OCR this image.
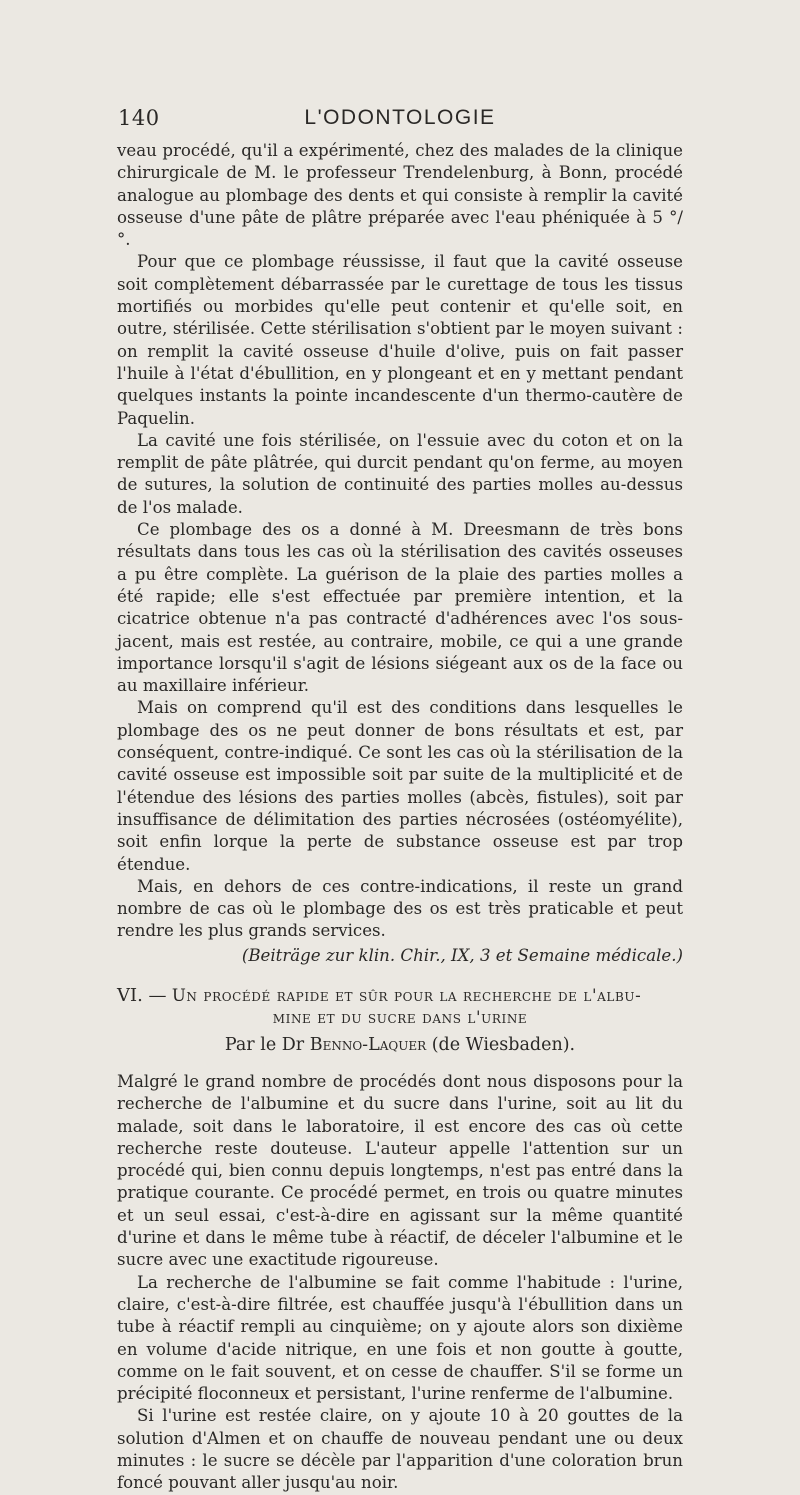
140	L'ODONTOLOGIE

veau procédé, qu'il a expérimenté, chez des malades de la clinique chirurgicale de M. le professeur Trendelenburg, à Bonn, procédé analogue au plombage des dents et qui consiste à remplir la cavité osseuse d'une pâte de plâtre préparée avec l'eau phéniquée à 5 °/°.

Pour que ce plombage réussisse, il faut que la cavité osseuse soit complètement débarrassée par le curettage de tous les tissus mortifiés ou morbides qu'elle peut contenir et qu'elle soit, en outre, stérilisée. Cette stérilisation s'obtient par le moyen suivant : on remplit la cavité osseuse d'huile d'olive, puis on fait passer l'huile à l'état d'ébullition, en y plongeant et en y mettant pendant quelques instants la pointe incandescente d'un thermo-cautère de Paquelin.

La cavité une fois stérilisée, on l'essuie avec du coton et on la remplit de pâte plâtrée, qui durcit pendant qu'on ferme, au moyen de sutures, la solution de continuité des parties molles au-dessus de l'os malade.

Ce plombage des os a donné à M. Dreesmann de très bons résultats dans tous les cas où la stérilisation des cavités osseuses a pu être complète. La guérison de la plaie des parties molles a été rapide; elle s'est effectuée par première intention, et la cicatrice obtenue n'a pas contracté d'adhérences avec l'os sous-jacent, mais est restée, au contraire, mobile, ce qui a une grande importance lorsqu'il s'agit de lésions siégeant aux os de la face ou au maxillaire inférieur.

Mais on comprend qu'il est des conditions dans lesquelles le plombage des os ne peut donner de bons résultats et est, par conséquent, contre-indiqué. Ce sont les cas où la stérilisation de la cavité osseuse est impossible soit par suite de la multiplicité et de l'étendue des lésions des parties molles (abcès, fistules), soit par insuffisance de délimitation des parties nécrosées (ostéomyélite), soit enfin lorque la perte de substance osseuse est par trop étendue.

Mais, en dehors de ces contre-indications, il reste un grand nombre de cas où le plombage des os est très praticable et peut rendre les plus grands services.

(Beiträge zur klin. Chir., IX, 3 et Semaine médicale.)
VI. — Un procédé rapide et sûr pour la recherche de l'albu-
mine et du sucre dans l'urine
Par le Dr Benno-Laquer (de Wiesbaden).

Malgré le grand nombre de procédés dont nous disposons pour la recherche de l'albumine et du sucre dans l'urine, soit au lit du malade, soit dans le laboratoire, il est encore des cas où cette recherche reste douteuse. L'auteur appelle l'attention sur un procédé qui, bien connu depuis longtemps, n'est pas entré dans la pratique courante. Ce procédé permet, en trois ou quatre minutes et un seul essai, c'est-à-dire en agissant sur la même quantité d'urine et dans le même tube à réactif, de déceler l'albumine et le sucre avec une exactitude rigoureuse.

La recherche de l'albumine se fait comme l'habitude : l'urine, claire, c'est-à-dire filtrée, est chauffée jusqu'à l'ébullition dans un tube à réactif rempli au cinquième; on y ajoute alors son dixième en volume d'acide nitrique, en une fois et non goutte à goutte, comme on le fait souvent, et on cesse de chauffer. S'il se forme un précipité floconneux et persistant, l'urine renferme de l'albumine.

Si l'urine est restée claire, on y ajoute 10 à 20 gouttes de la solution d'Almen et on chauffe de nouveau pendant une ou deux minutes : le sucre se décèle par l'apparition d'une coloration brun foncé pouvant aller jusqu'au noir.
